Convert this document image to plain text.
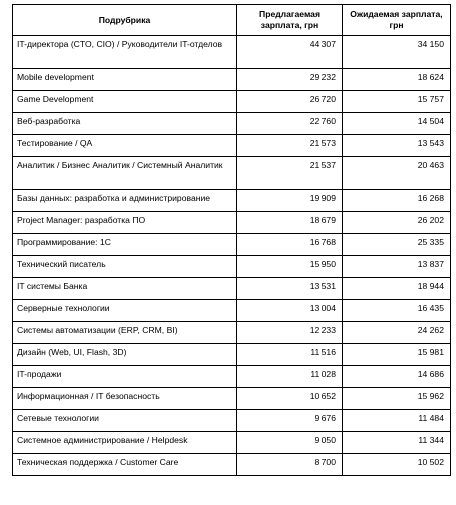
Подрубрика	Предлагаемая зарплата, грн	Ожидаемая зарплата, грн
IT-директора (CTO, CIO) / Руководители IT-отделов	44 307	34 150
Mobile development	29 232	18 624
Game Development	26 720	15 757
Веб-разработка	22 760	14 504
Тестирование / QA	21 573	13 543
Аналитик / Бизнес Аналитик / Системный Аналитик	21 537	20 463
Базы данных: разработка и администрирование	19 909	16 268
Project Manager: разработка ПО	18 679	26 202
Программирование: 1С	16 768	25 335
Технический писатель	15 950	13 837
IT системы Банка	13 531	18 944
Серверные технологии	13 004	16 435
Системы автоматизации (ERP, CRM, BI)	12 233	24 262
Дизайн (Web, UI, Flash, 3D)	11 516	15 981
IT-продажи	11 028	14 686
Информационная / IT безопасность	10 652	15 962
Сетевые технологии	9 676	11 484
Системное администрирование / Helpdesk	9 050	11 344
Техническая поддержка / Customer Care	8 700	10 502
